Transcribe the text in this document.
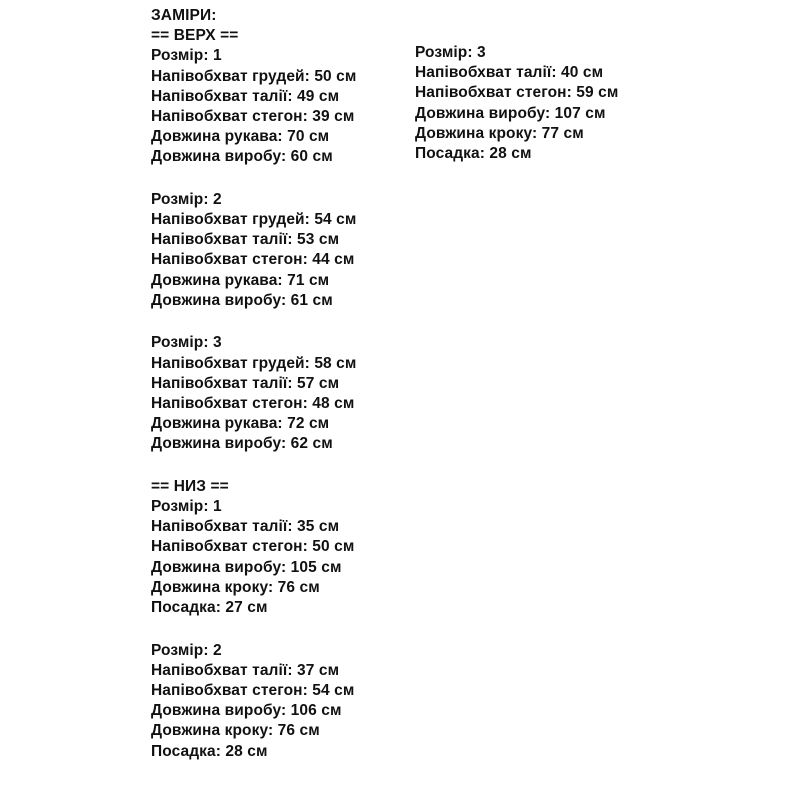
ЗАМІРИ:
== ВЕРХ ==
Розмір: 1
Напівобхват грудей: 50 см
Напівобхват талії: 49 см
Напівобхват стегон: 39 см
Довжина рукава: 70 см
Довжина виробу: 60 см
Розмір: 2
Напівобхват грудей: 54 см
Напівобхват талії: 53 см
Напівобхват стегон: 44 см
Довжина рукава: 71 см
Довжина виробу: 61 см
Розмір: 3
Напівобхват грудей: 58 см
Напівобхват талії: 57 см
Напівобхват стегон: 48 см
Довжина рукава: 72 см
Довжина виробу: 62 см
== НИЗ ==
Розмір: 1
Напівобхват талії: 35 см
Напівобхват стегон: 50 см
Довжина виробу: 105 см
Довжина кроку: 76 см
Посадка: 27 см
Розмір: 2
Напівобхват талії: 37 см
Напівобхват стегон: 54 см
Довжина виробу: 106 см
Довжина кроку: 76 см
Посадка: 28 см
Розмір: 3
Напівобхват талії: 40 см
Напівобхват стегон: 59 см
Довжина виробу: 107 см
Довжина кроку: 77 см
Посадка: 28 см
